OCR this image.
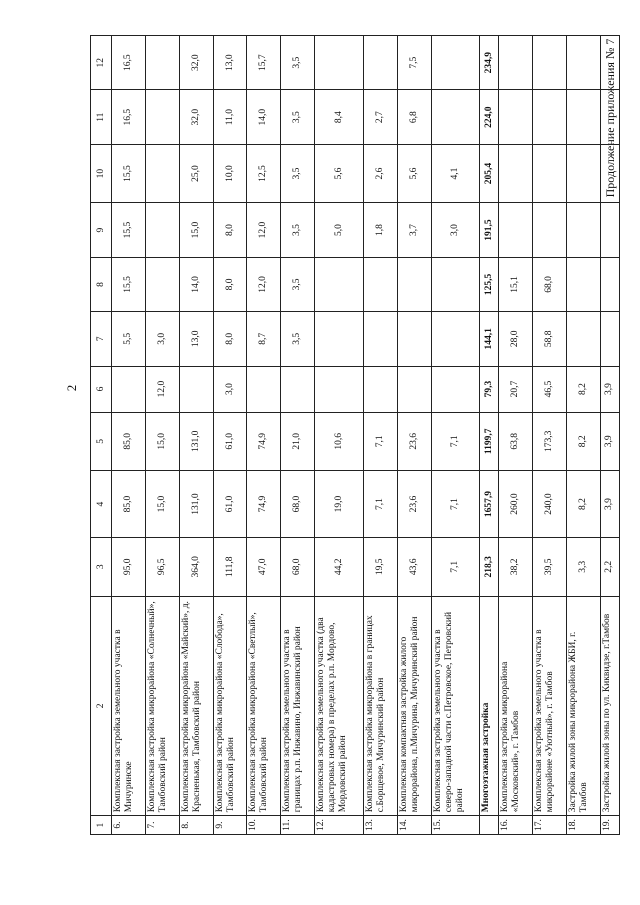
2
Продолжение приложения № 7
1	2	3	4	5	6	7	8	9	10	11	12
6.	Комплексная застройка земельного участка в Мичуринске	95,0	85,0	85,0		5,5	15,5	15,5	15,5	16,5	16,5
7.	Комплексная застройка микрорайона «Солнечный», Тамбовский район	96,5	15,0	15,0	12,0	3,0					
8.	Комплексная застройка микрорайона «Майский», д. Красненькая, Тамбовский район	364,0	131,0	131,0		13,0	14,0	15,0	25,0	32,0	32,0
9.	Комплексная застройка микрорайона «Слобода», Тамбовский район	111,8	61,0	61,0	3,0	8,0	8,0	8,0	10,0	11,0	13,0
10.	Комплексная застройка микрорайона «Светлый», Тамбовский район	47,0	74,9	74,9		8,7	12,0	12,0	12,5	14,0	15,7
11.	Комплексная застройка земельного участка в границах р.п. Инжавино, Инжавинский район	68,0	68,0	21,0		3,5	3,5	3,5	3,5	3,5	3,5
12.	Комплексная застройка земельного участка (два кадастровых номера) в пределах р.п. Мордово, Мордовский район	44,2	19,0	10,6				5,0	5,6	8,4	
13.	Комплексная застройка микрорайона в границах с.Борщевое, Мичуринский район	19,5	7,1	7,1				1,8	2,6	2,7	
14.	Комплексная компактная застройка жилого микрорайона, п.Мичурина, Мичуринский район	43,6	23,6	23,6				3,7	5,6	6,8	7,5
15.	Комплексная застройка земельного участка в северо-западной части с.Петровское, Петровский район	7,1	7,1	7,1				3,0	4,1		
	Многоэтажная застройка	218,3	1657,9	1199,7	79,3	144,1	125,5	191,5	205,4	224,0	234,9
16.	Комплексная застройка микрорайона «Московский», г. Тамбов	38,2	260,0	63,8	20,7	28,0	15,1				
17.	Комплексная застройка земельного участка в микрорайоне «Уютный», г. Тамбов	39,5	240,0	173,3	46,5	58,8	68,0				
18.	Застройка жилой зоны микрорайона ЖБИ, г. Тамбов	3,3	8,2	8,2	8,2						
19.	Застройка жилой зоны по ул. Киквидзе, г.Тамбов	2,2	3,9	3,9	3,9						
